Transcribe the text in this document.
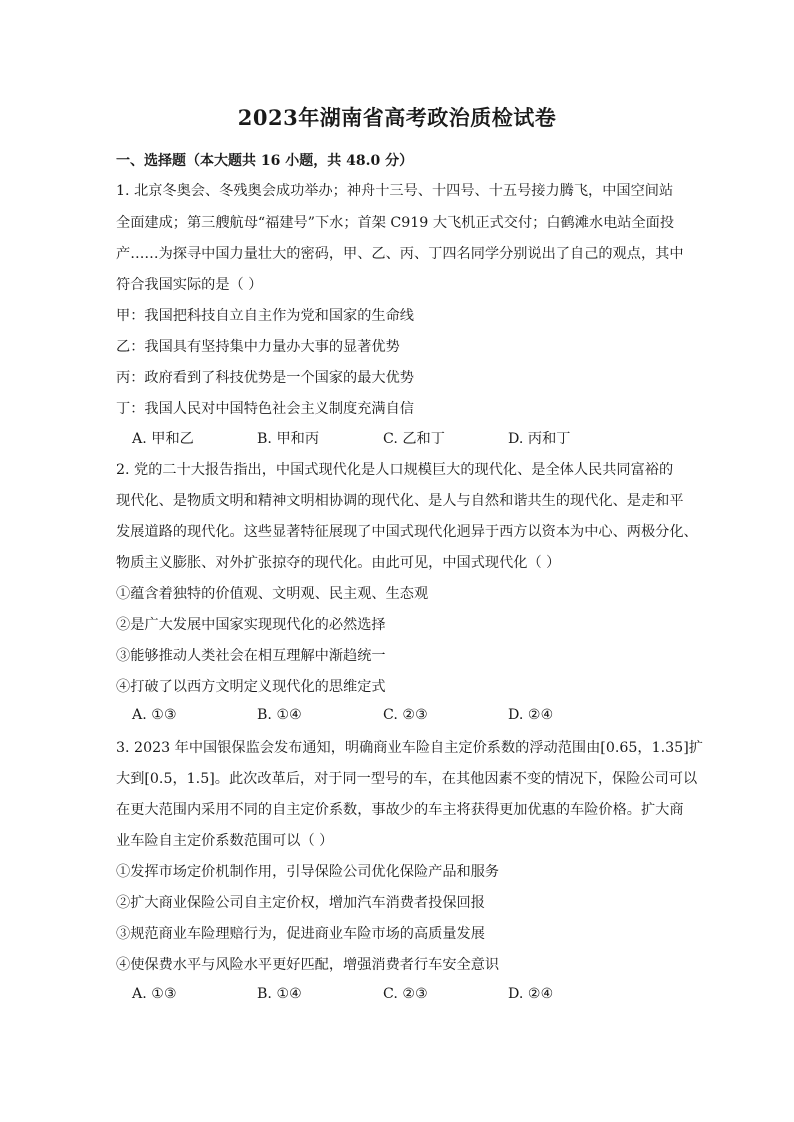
2023年湖南省高考政治质检试卷
一、选择题（本大题共 16 小题，共 48.0 分）
1. 北京冬奥会、冬残奥会成功举办；神舟十三号、十四号、十五号接力腾飞，中国空间站
全面建成；第三艘航母“福建号”下水；首架 C919 大飞机正式交付；白鹤滩水电站全面投
产……为探寻中国力量壮大的密码，甲、乙、丙、丁四名同学分别说出了自己的观点，其中
符合我国实际的是（ ）
甲：我国把科技自立自主作为党和国家的生命线
乙：我国具有坚持集中力量办大事的显著优势
丙：政府看到了科技优势是一个国家的最大优势
丁：我国人民对中国特色社会主义制度充满自信
A. 甲和乙	B. 甲和丙	C. 乙和丁	D. 丙和丁
2. 党的二十大报告指出，中国式现代化是人口规模巨大的现代化、是全体人民共同富裕的
现代化、是物质文明和精神文明相协调的现代化、是人与自然和谐共生的现代化、是走和平
发展道路的现代化。这些显著特征展现了中国式现代化迥异于西方以资本为中心、两极分化、
物质主义膨胀、对外扩张掠夺的现代化。由此可见，中国式现代化（ ）
①蕴含着独特的价值观、文明观、民主观、生态观
②是广大发展中国家实现现代化的必然选择
③能够推动人类社会在相互理解中渐趋统一
④打破了以西方文明定义现代化的思维定式
A. ①③	B. ①④	C. ②③	D. ②④
3. 2023 年中国银保监会发布通知，明确商业车险自主定价系数的浮动范围由[0.65，1.35]扩
大到[0.5，1.5]。此次改革后，对于同一型号的车，在其他因素不变的情况下，保险公司可以
在更大范围内采用不同的自主定价系数，事故少的车主将获得更加优惠的车险价格。扩大商
业车险自主定价系数范围可以（ ）
①发挥市场定价机制作用，引导保险公司优化保险产品和服务
②扩大商业保险公司自主定价权，增加汽车消费者投保回报
③规范商业车险理赔行为，促进商业车险市场的高质量发展
④使保费水平与风险水平更好匹配，增强消费者行车安全意识
A. ①③	B. ①④	C. ②③	D. ②④
